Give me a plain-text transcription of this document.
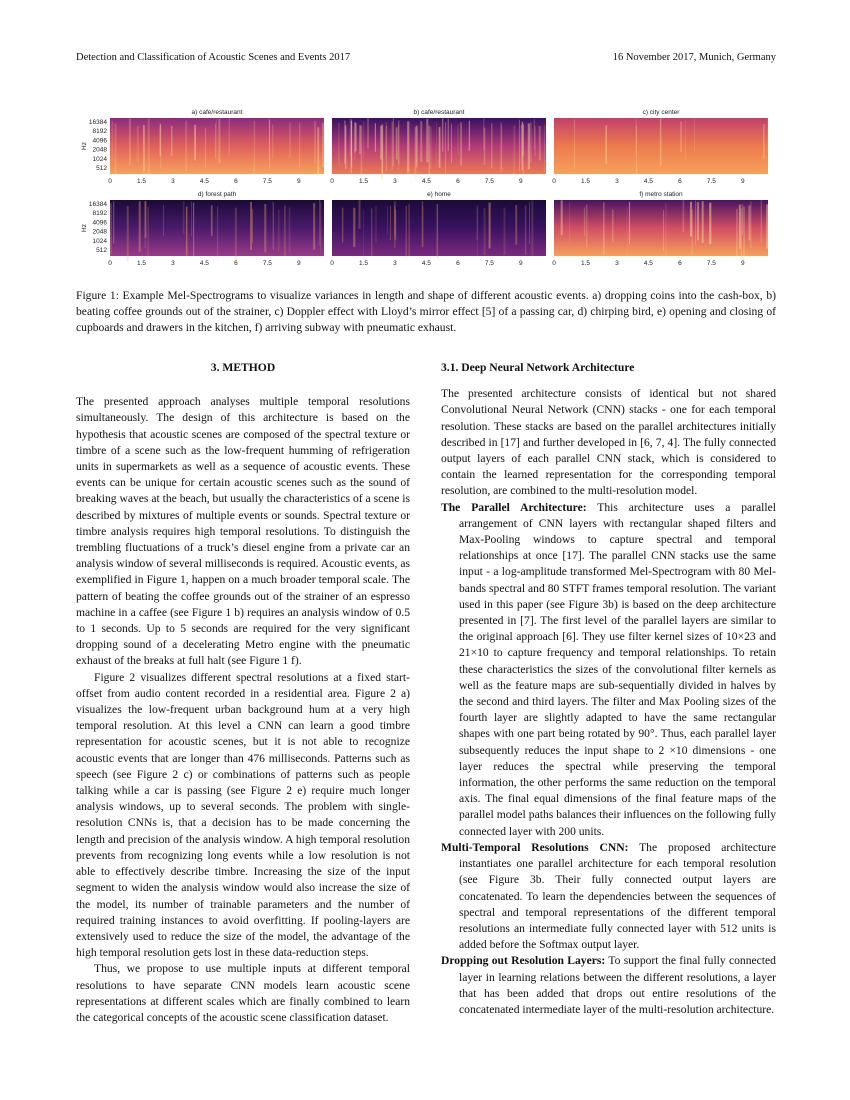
Detection and Classification of Acoustic Scenes and Events 2017	16 November 2017, Munich, Germany
a) cafe/restaurant
16384
8192
4096
2048
1024
512
Hz
0	1.5	3	4.5	6	7.5	9
b) cafe/restaurant
0	1.5	3	4.5	6	7.5	9
c) city center
0	1.5	3	4.5	6	7.5	9
d) forest path
16384
8192
4096
2048
1024
512
Hz
0	1.5	3	4.5	6	7.5	9
e) home
0	1.5	3	4.5	6	7.5	9
f) metro station
0	1.5	3	4.5	6	7.5	9
Figure 1: Example Mel-Spectrograms to visualize variances in length and shape of different acoustic events. a) dropping coins into the cash-box, b) beating coffee grounds out of the strainer, c) Doppler effect with Lloyd’s mirror effect [5] of a passing car, d) chirping bird, e) opening and closing of cupboards and drawers in the kitchen, f) arriving subway with pneumatic exhaust.
3. METHOD

The presented approach analyses multiple temporal resolutions simultaneously. The design of this architecture is based on the hypothesis that acoustic scenes are composed of the spectral texture or timbre of a scene such as the low-frequent humming of refrigeration units in supermarkets as well as a sequence of acoustic events. These events can be unique for certain acoustic scenes such as the sound of breaking waves at the beach, but usually the characteristics of a scene is described by mixtures of multiple events or sounds. Spectral texture or timbre analysis requires high temporal resolutions. To distinguish the trembling fluctuations of a truck’s diesel engine from a private car an analysis window of several milliseconds is required. Acoustic events, as exemplified in Figure 1, happen on a much broader temporal scale. The pattern of beating the coffee grounds out of the strainer of an espresso machine in a caffee (see Figure 1 b) requires an analysis window of 0.5 to 1 seconds. Up to 5 seconds are required for the very significant dropping sound of a decelerating Metro engine with the pneumatic exhaust of the breaks at full halt (see Figure 1 f).

Figure 2 visualizes different spectral resolutions at a fixed start-offset from audio content recorded in a residential area. Figure 2 a) visualizes the low-frequent urban background hum at a very high temporal resolution. At this level a CNN can learn a good timbre representation for acoustic scenes, but it is not able to recognize acoustic events that are longer than 476 milliseconds. Patterns such as speech (see Figure 2 c) or combinations of patterns such as people talking while a car is passing (see Figure 2 e) require much longer analysis windows, up to several seconds. The problem with single-resolution CNNs is, that a decision has to be made concerning the length and precision of the analysis window. A high temporal resolution prevents from recognizing long events while a low resolution is not able to effectively describe timbre. Increasing the size of the input segment to widen the analysis window would also increase the size of the model, its number of trainable parameters and the number of required training instances to avoid overfitting. If pooling-layers are extensively used to reduce the size of the model, the advantage of the high temporal resolution gets lost in these data-reduction steps.

Thus, we propose to use multiple inputs at different temporal resolutions to have separate CNN models learn acoustic scene representations at different scales which are finally combined to learn the categorical concepts of the acoustic scene classification dataset.

3.1. Deep Neural Network Architecture

The presented architecture consists of identical but not shared Convolutional Neural Network (CNN) stacks - one for each temporal resolution. These stacks are based on the parallel architectures initially described in [17] and further developed in [6, 7, 4]. The fully connected output layers of each parallel CNN stack, which is considered to contain the learned representation for the corresponding temporal resolution, are combined to the multi-resolution model.

The Parallel Architecture: This architecture uses a parallel arrangement of CNN layers with rectangular shaped filters and Max-Pooling windows to capture spectral and temporal relationships at once [17]. The parallel CNN stacks use the same input - a log-amplitude transformed Mel-Spectrogram with 80 Mel-bands spectral and 80 STFT frames temporal resolution. The variant used in this paper (see Figure 3b) is based on the deep architecture presented in [7]. The first level of the parallel layers are similar to the original approach [6]. They use filter kernel sizes of 10×23 and 21×10 to capture frequency and temporal relationships. To retain these characteristics the sizes of the convolutional filter kernels as well as the feature maps are sub-sequentially divided in halves by the second and third layers. The filter and Max Pooling sizes of the fourth layer are slightly adapted to have the same rectangular shapes with one part being rotated by 90°. Thus, each parallel layer subsequently reduces the input shape to 2 ×10 dimensions - one layer reduces the spectral while preserving the temporal information, the other performs the same reduction on the temporal axis. The final equal dimensions of the final feature maps of the parallel model paths balances their influences on the following fully connected layer with 200 units.

Multi-Temporal Resolutions CNN: The proposed architecture instantiates one parallel architecture for each temporal resolution (see Figure 3b. Their fully connected output layers are concatenated. To learn the dependencies between the sequences of spectral and temporal representations of the different temporal resolutions an intermediate fully connected layer with 512 units is added before the Softmax output layer.

Dropping out Resolution Layers: To support the final fully connected layer in learning relations between the different resolutions, a layer that has been added that drops out entire resolutions of the concatenated intermediate layer of the multi-resolution architecture.
